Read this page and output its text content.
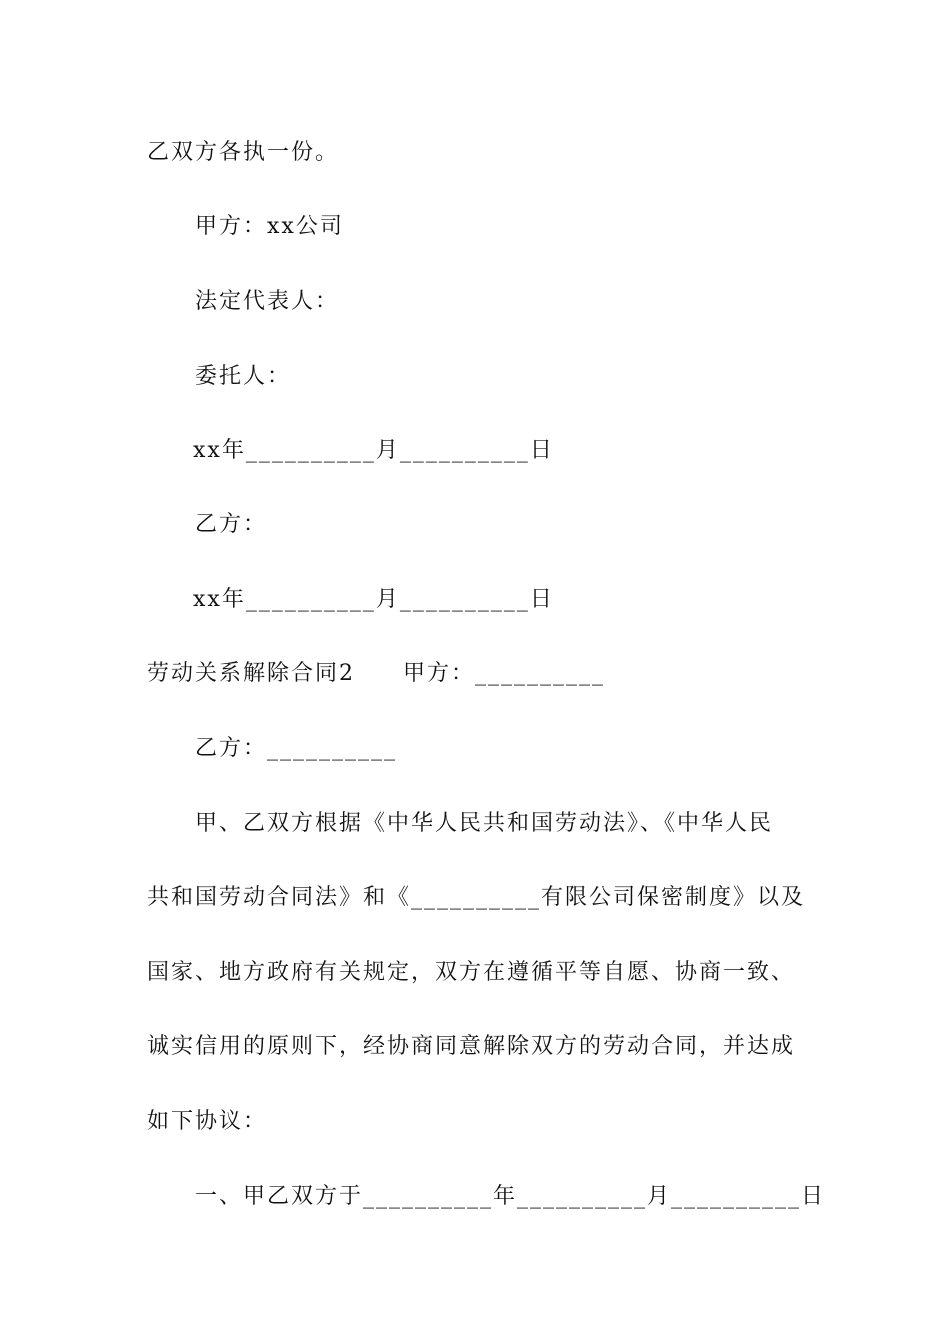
乙双方各执一份。
甲方：xx公司
法定代表人：
委托人：
xx年__________月__________日
乙方：
xx年__________月__________日
劳动关系解除合同2　　甲方：__________
乙方：__________
甲、乙双方根据《中华人民共和国劳动法》、《中华人民
共和国劳动合同法》和《__________有限公司保密制度》以及
国家、地方政府有关规定，双方在遵循平等自愿、协商一致、
诚实信用的原则下，经协商同意解除双方的劳动合同，并达成
如下协议：
一、甲乙双方于__________年__________月__________日
